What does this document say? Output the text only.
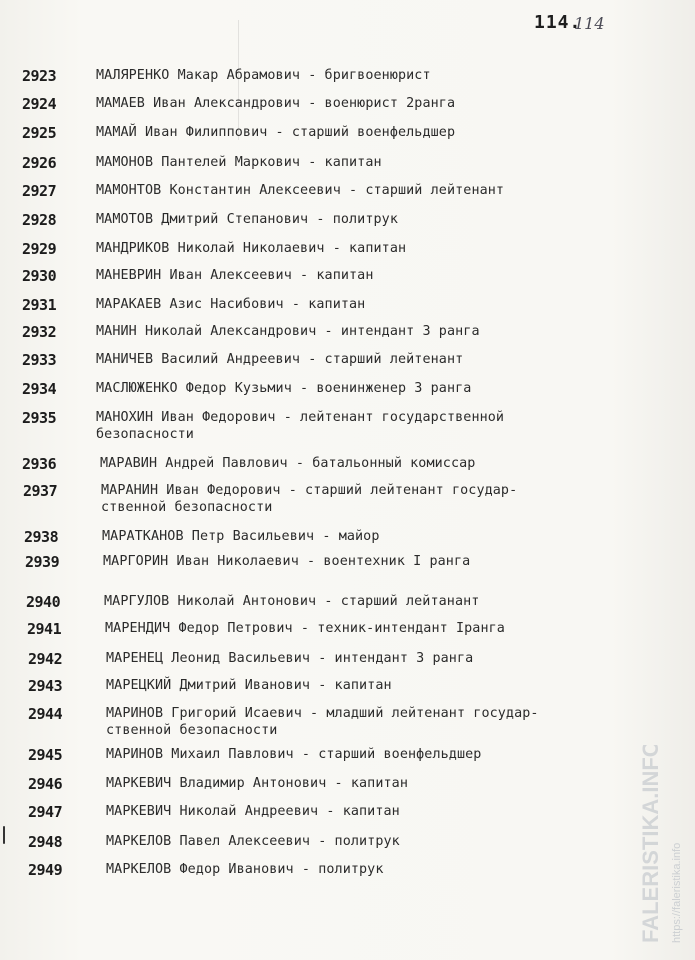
114.
114
2923	МАЛЯРЕНКО Макар Абрамович - бригвоенюрист
2924	МАМАЕВ Иван Александрович - военюрист 2ранга
2925	МАМАЙ Иван Филиппович - старший военфельдшер
2926	МАМОНОВ Пантелей Маркович - капитан
2927	МАМОНТОВ Константин Алексеевич - старший лейтенант
2928	МАМОТОВ Дмитрий Степанович - политрук
2929	МАНДРИКОВ Николай Николаевич - капитан
2930	МАНЕВРИН Иван Алексеевич - капитан
2931	МАРАКАЕВ Азис Насибович - капитан
2932	МАНИН Николай Александрович - интендант 3 ранга
2933	МАНИЧЕВ Василий Андреевич - старший лейтенант
2934	МАСЛЮЖЕНКО Федор Кузьмич - военинженер 3 ранга
2935	МАНОХИН Иван Федорович - лейтенант государственной
безопасности
2936	МАРАВИН Андрей Павлович - батальонный комиссар
2937	МАРАНИН Иван Федорович - старший лейтенант государ-
ственной безопасности
2938	МАРАТКАНОВ Петр Васильевич - майор
2939	МАРГОРИН Иван Николаевич - воентехник I ранга
2940	МАРГУЛОВ Николай Антонович - старший лейтанант
2941	МАРЕНДИЧ Федор Петрович - техник-интендант Iранга
2942	МАРЕНЕЦ Леонид Васильевич - интендант 3 ранга
2943	МАРЕЦКИЙ Дмитрий Иванович - капитан
2944	МАРИНОВ Григорий Исаевич - младший лейтенант государ-
ственной безопасности
2945	МАРИНОВ Михаил Павлович - старший военфельдшер
2946	МАРКЕВИЧ Владимир Антонович - капитан
2947	МАРКЕВИЧ Николай Андреевич - капитан
2948	МАРКЕЛОВ Павел Алексеевич - политрук
2949	МАРКЕЛОВ Федор Иванович - политрук	FALERISTIKA.INFO https://faleristika.info
